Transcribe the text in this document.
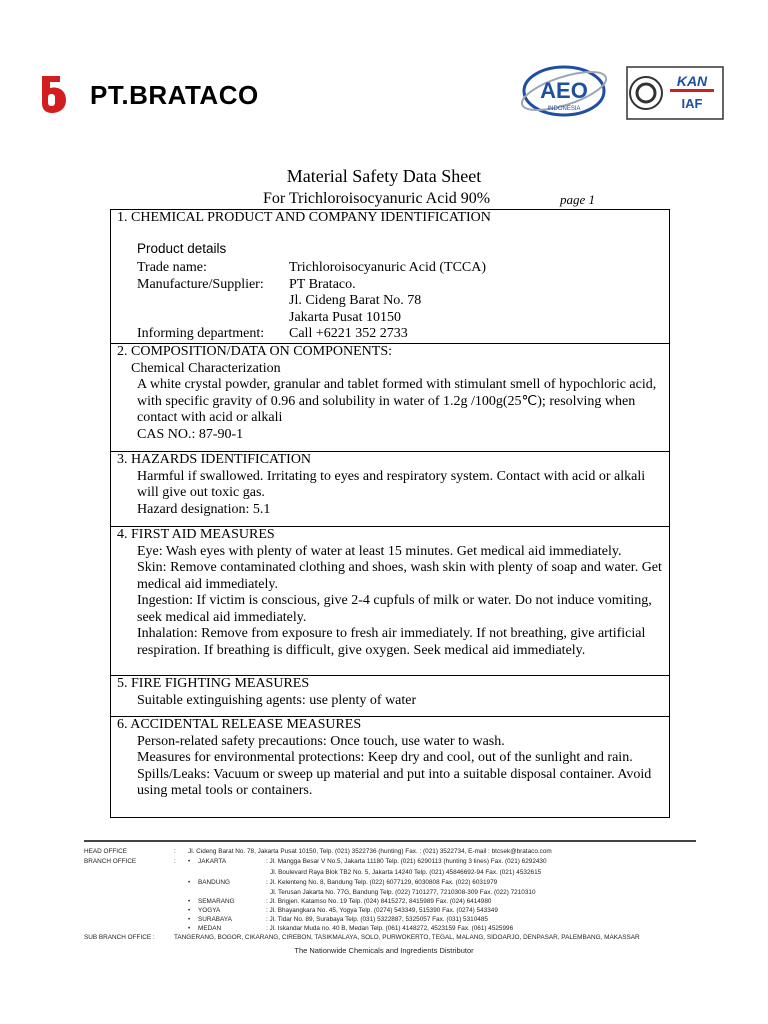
PT.BRATACO	AEO
INDONESIA
KAN
IAF
Material Safety Data Sheet
For Trichloroisocyanuric Acid 90%	page 1
1. CHEMICAL PRODUCT AND COMPANY IDENTIFICATION
Product details
Trade name:	Trichloroisocyanuric Acid (TCCA)
Manufacture/Supplier:	PT Brataco.
Jl. Cideng Barat No. 78
Jakarta Pusat 10150
Informing department:	Call +6221 352 2733
2. COMPOSITION/DATA ON COMPONENTS:
Chemical Characterization
A white crystal powder, granular and tablet formed with stimulant smell of hypochloric acid, with specific gravity of 0.96 and solubility in water of 1.2g /100g(25℃); resolving when contact with acid or alkali
CAS NO.: 87-90-1
3. HAZARDS IDENTIFICATION
Harmful if swallowed. Irritating to eyes and respiratory system. Contact with acid or alkali will give out toxic gas.
Hazard designation: 5.1
4. FIRST AID MEASURES
Eye: Wash eyes with plenty of water at least 15 minutes. Get medical aid immediately.
Skin: Remove contaminated clothing and shoes, wash skin with plenty of soap and water. Get medical aid immediately.
Ingestion: If victim is conscious, give 2-4 cupfuls of milk or water. Do not induce vomiting, seek medical aid immediately.
Inhalation: Remove from exposure to fresh air immediately. If not breathing, give artificial respiration. If breathing is difficult, give oxygen. Seek medical aid immediately.
5. FIRE FIGHTING MEASURES
Suitable extinguishing agents: use plenty of water
6. ACCIDENTAL RELEASE MEASURES
Person-related safety precautions: Once touch, use water to wash.
Measures for environmental protections: Keep dry and cool, out of the sunlight and rain.
Spills/Leaks: Vacuum or sweep up material and put into a suitable disposal container. Avoid using metal tools or containers.
HEAD OFFICE	: Jl. Cideng Barat No. 78, Jakarta Pusat 10150, Telp. (021) 3522736 (hunting) Fax. : (021) 3522734, E-mail : btcsek@brataco.com
BRANCH OFFICE	: • JAKARTA	: Jl. Mangga Besar V No.5, Jakarta 11180 Telp. (021) 6290113 (hunting 3 lines) Fax. (021) 6292430
Jl. Boulevard Raya Blok TB2 No. 5, Jakarta 14240 Telp. (021) 45846692-94 Fax. (021) 4532615
• BANDUNG	: Jl. Kelenteng No. 8, Bandung Telp. (022) 6077129, 6030808 Fax. (022) 6031979
Jl. Terusan Jakarta No. 77G, Bandung Telp. (022) 7101277, 7210308-309 Fax. (022) 7210310
• SEMARANG	: Jl. Brigjen. Katamso No. 19 Telp. (024) 8415272, 8415989 Fax. (024) 6414980
• YOGYA	: Jl. Bhayangkara No. 45, Yogya Telp. (0274) 543349, 515390 Fax. (0274) 543349
• SURABAYA	: Jl. Tidar No. 89, Surabaya Telp. (031) 5322887, 5325057 Fax. (031) 5310485
• MEDAN	: Jl. Iskandar Muda no. 40 B, Medan Telp. (061) 4148272, 4523159 Fax. (061) 4525996
SUB BRANCH OFFICE :	TANGERANG, BOGOR, CIKARANG, CIREBON, TASIKMALAYA, SOLO, PURWOKERTO, TEGAL, MALANG, SIDOARJO, DENPASAR, PALEMBANG, MAKASSAR
The Nationwide Chemicals and Ingredients Distributor
